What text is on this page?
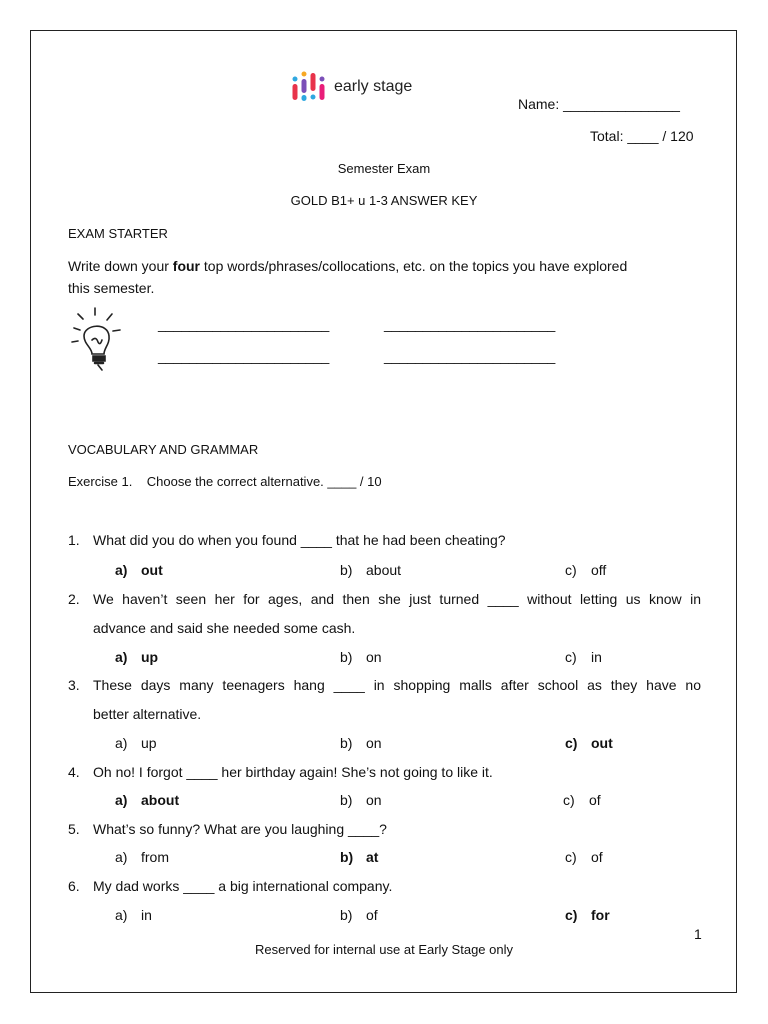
early stage
Name: _______________
Total: ____ / 120
Semester Exam
GOLD B1+ u 1-3 ANSWER KEY
EXAM STARTER
Write down your four top words/phrases/collocations, etc. on the topics you have explored
this semester.
______________________	______________________
______________________	______________________
VOCABULARY AND GRAMMAR
Exercise 1.    Choose the correct alternative. ____ / 10
1. What did you do when you found ____ that he had been cheating?
a) out	b) about	c) off
2. We haven’t seen her for ages, and then she just turned ____ without letting us know in
advance and said she needed some cash.
a) up	b) on	c) in
3. These days many teenagers hang ____ in shopping malls after school as they have no
better alternative.
a) up	b) on	c) out
4. Oh no! I forgot ____ her birthday again! She’s not going to like it.
a) about	b) on	c) of
5. What’s so funny? What are you laughing ____?
a) from	b) at	c) of
6. My dad works ____ a big international company.
a) in	b) of	c) for
1
Reserved for internal use at Early Stage only
